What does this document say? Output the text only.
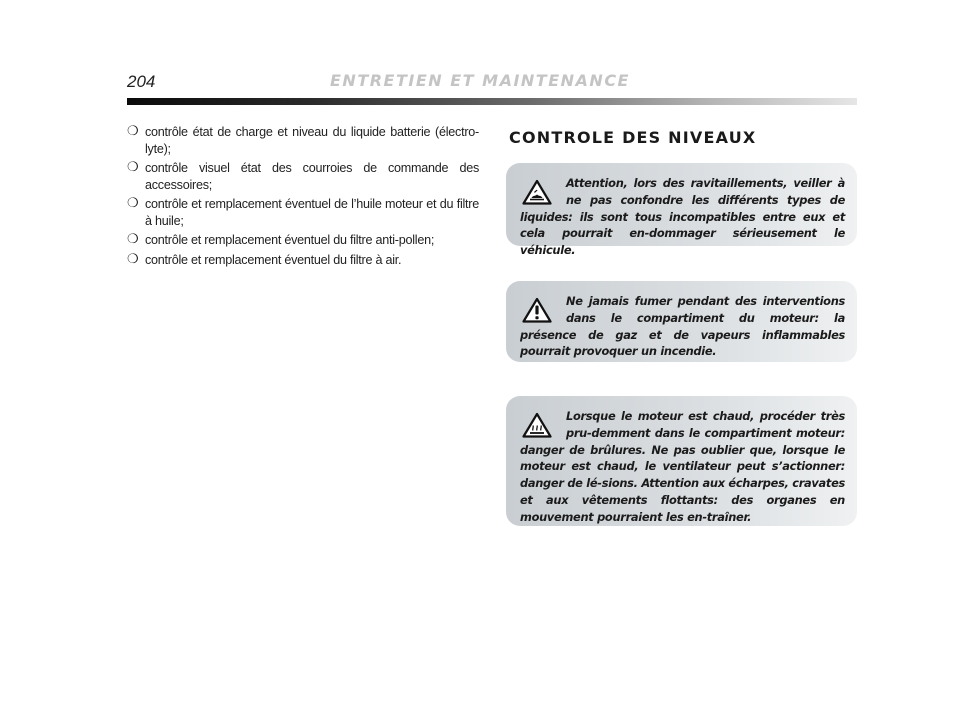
204	ENTRETIEN ET MAINTENANCE
❍ contrôle état de charge et niveau du liquide batterie (électro-lyte);
❍ contrôle visuel état des courroies de commande des accessoires;
❍ contrôle et remplacement éventuel de l’huile moteur et du filtre à huile;
❍ contrôle et remplacement éventuel du filtre anti-pollen;
❍ contrôle et remplacement éventuel du filtre à air.
CONTROLE DES NIVEAUX
Attention, lors des ravitaillements, veiller à ne pas confondre les différents types de liquides: ils sont tous incompatibles entre eux et cela pourrait en-dommager sérieusement le véhicule.
Ne jamais fumer pendant des interventions dans le compartiment du moteur: la présence de gaz et de vapeurs inflammables pourrait provoquer un incendie.
Lorsque le moteur est chaud, procéder très pru-demment dans le compartiment moteur: danger de brûlures. Ne pas oublier que, lorsque le moteur est chaud, le ventilateur peut s’actionner: danger de lé-sions. Attention aux écharpes, cravates et aux vêtements flottants: des organes en mouvement pourraient les en-traîner.
